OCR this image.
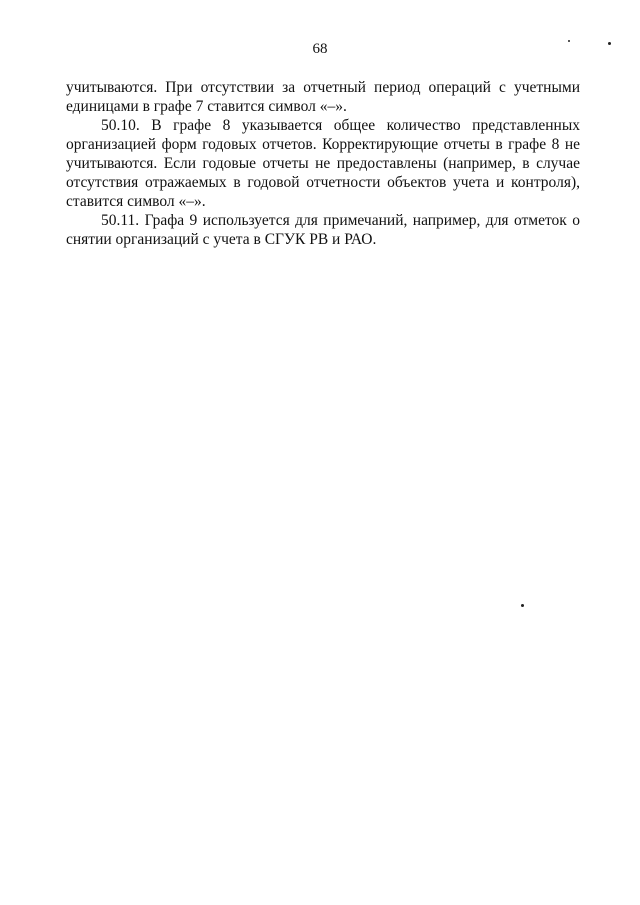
68

учитываются. При отсутствии за отчетный период операций с учетными единицами в графе 7 ставится символ «–».

50.10. В графе 8 указывается общее количество представленных организацией форм годовых отчетов. Корректирующие отчеты в графе 8 не учитываются. Если годовые отчеты не предоставлены (например, в случае отсутствия отражаемых в годовой отчетности объектов учета и контроля), ставится символ «–».

50.11. Графа 9 используется для примечаний, например, для отметок о снятии организаций с учета в СГУК РВ и РАО.
